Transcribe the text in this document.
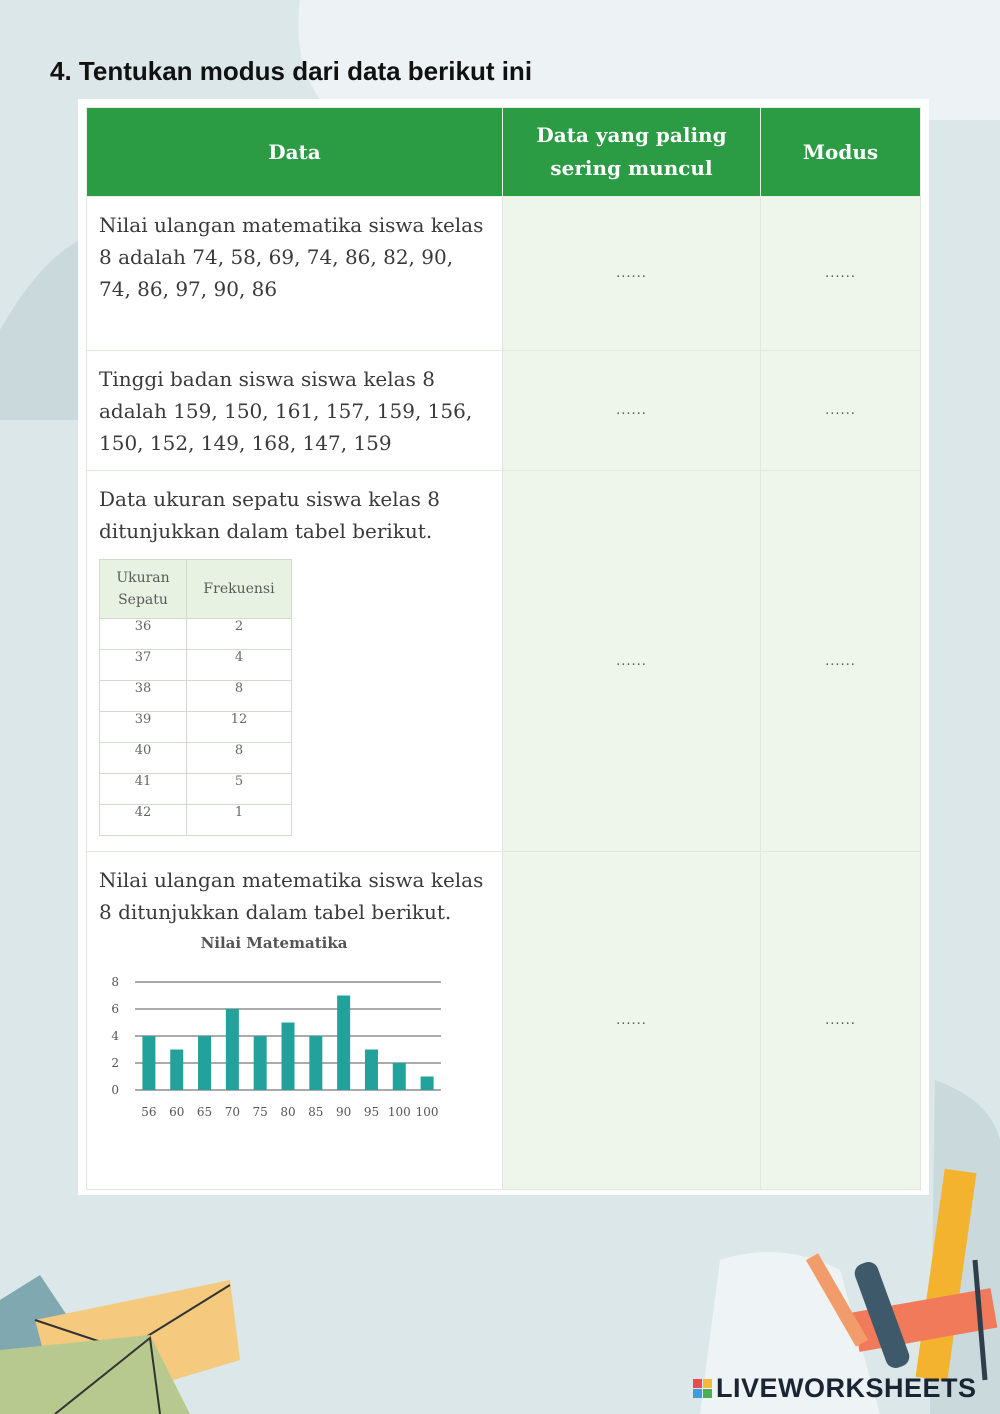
4. Tentukan modus dari data berikut ini
Data	Data yang paling sering muncul	Modus

Nilai ulangan matematika siswa kelas 8 adalah 74, 58, 69, 74, 86, 82, 90, 74, 86, 97, 90, 86
	......	......

Tinggi badan siswa siswa kelas 8 adalah 159, 150, 161, 157, 159, 156, 150, 152, 149, 168, 147, 159
	......	......

Data ukuran sepatu siswa kelas 8 ditunjukkan dalam tabel berikut.
Ukuran Sepatu	Frekuensi
36	2
37	4
38	8
39	12
40	8
41	5
42	1
	......	......

Nilai ulangan matematika siswa kelas 8 ditunjukkan dalam tabel berikut.
Nilai Matematika
0
2
4
6
8
56 60 65 70 75 80 85 90 95 100 100
	......	......
LIVEWORKSHEETS
